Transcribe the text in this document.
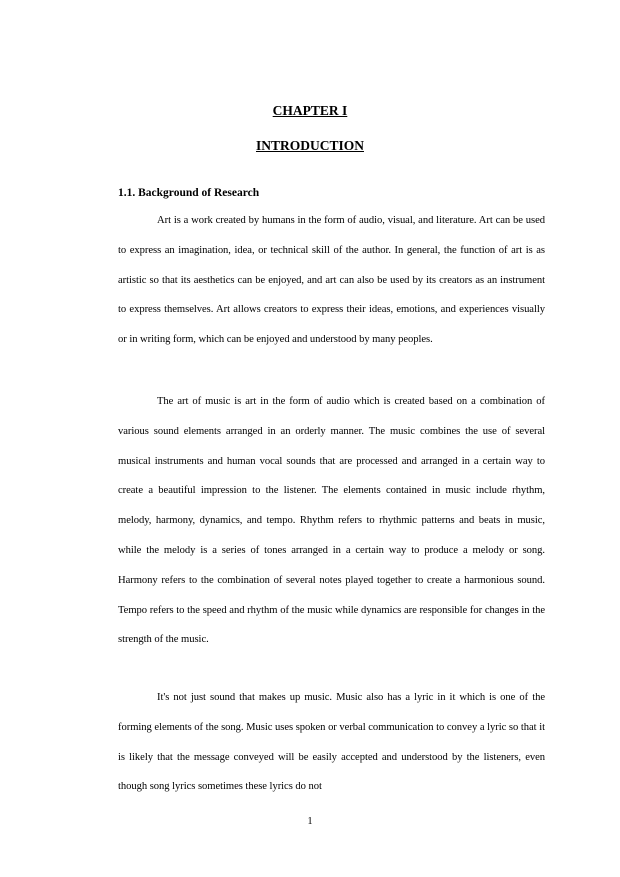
CHAPTER I
INTRODUCTION
1.1. Background of Research

Art is a work created by humans in the form of audio, visual, and literature. Art can be used to express an imagination, idea, or technical skill of the author. In general, the function of art is as artistic so that its aesthetics can be enjoyed, and art can also be used by its creators as an instrument to express themselves. Art allows creators to express their ideas, emotions, and experiences visually or in writing form, which can be enjoyed and understood by many peoples.

The art of music is art in the form of audio which is created based on a combination of various sound elements arranged in an orderly manner. The music combines the use of several musical instruments and human vocal sounds that are processed and arranged in a certain way to create a beautiful impression to the listener. The elements contained in music include rhythm, melody, harmony, dynamics, and tempo. Rhythm refers to rhythmic patterns and beats in music, while the melody is a series of tones arranged in a certain way to produce a melody or song. Harmony refers to the combination of several notes played together to create a harmonious sound. Tempo refers to the speed and rhythm of the music while dynamics are responsible for changes in the strength of the music.

It's not just sound that makes up music. Music also has a lyric in it which is one of the forming elements of the song. Music uses spoken or verbal communication to convey a lyric so that it is likely that the message conveyed will be easily accepted and understood by the listeners, even though song lyrics sometimes these lyrics do not

1
